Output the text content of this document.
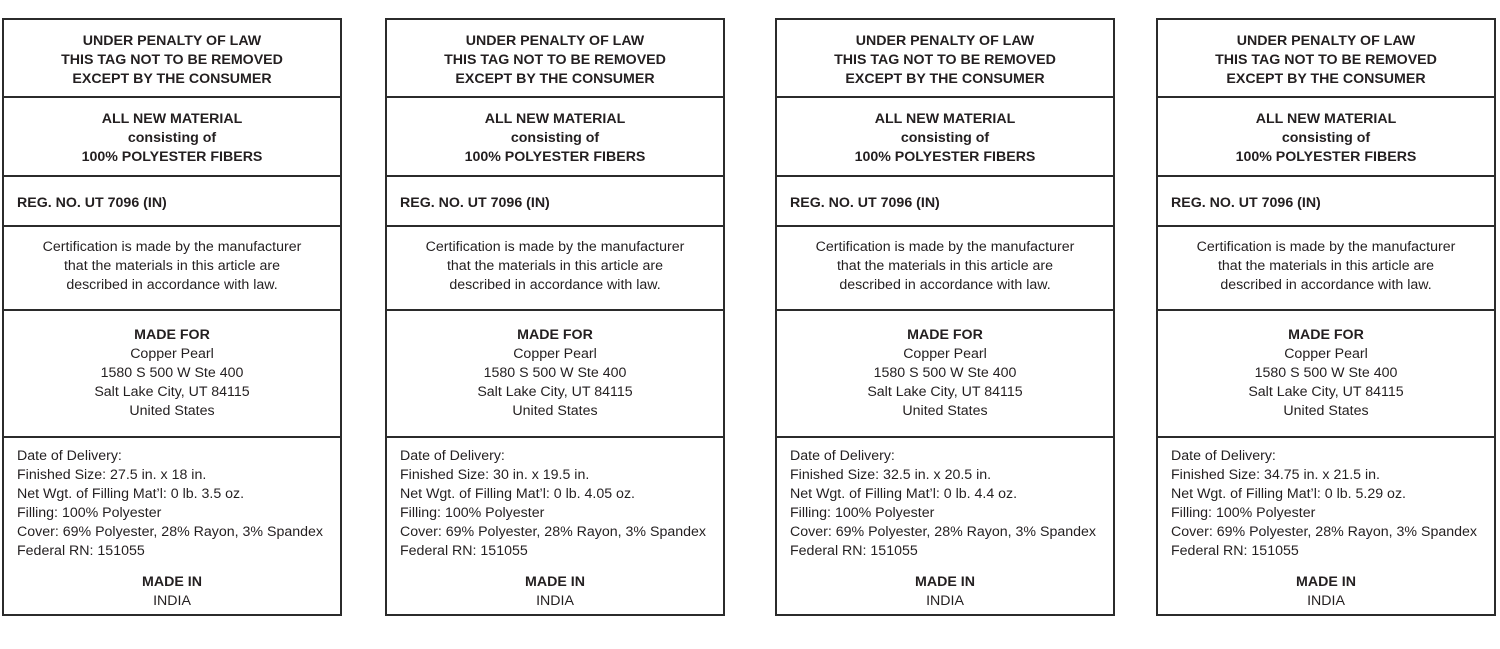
UNDER PENALTY OF LAW
THIS TAG NOT TO BE REMOVED
EXCEPT BY THE CONSUMER
ALL NEW MATERIAL
consisting of
100% POLYESTER FIBERS
REG. NO. UT 7096 (IN)
Certification is made by the manufacturer
that the materials in this article are
described in accordance with law.
MADE FOR
Copper Pearl
1580 S 500 W Ste 400
Salt Lake City, UT 84115
United States
Date of Delivery:
Finished Size: 27.5 in. x 18 in.
Net Wgt. of Filling Mat’l: 0 lb. 3.5 oz.
Filling: 100% Polyester
Cover: 69% Polyester, 28% Rayon, 3% Spandex
Federal RN: 151055
MADE IN
INDIA
UNDER PENALTY OF LAW
THIS TAG NOT TO BE REMOVED
EXCEPT BY THE CONSUMER
ALL NEW MATERIAL
consisting of
100% POLYESTER FIBERS
REG. NO. UT 7096 (IN)
Certification is made by the manufacturer
that the materials in this article are
described in accordance with law.
MADE FOR
Copper Pearl
1580 S 500 W Ste 400
Salt Lake City, UT 84115
United States
Date of Delivery:
Finished Size: 30 in. x 19.5 in.
Net Wgt. of Filling Mat’l: 0 lb. 4.05 oz.
Filling: 100% Polyester
Cover: 69% Polyester, 28% Rayon, 3% Spandex
Federal RN: 151055
MADE IN
INDIA
UNDER PENALTY OF LAW
THIS TAG NOT TO BE REMOVED
EXCEPT BY THE CONSUMER
ALL NEW MATERIAL
consisting of
100% POLYESTER FIBERS
REG. NO. UT 7096 (IN)
Certification is made by the manufacturer
that the materials in this article are
described in accordance with law.
MADE FOR
Copper Pearl
1580 S 500 W Ste 400
Salt Lake City, UT 84115
United States
Date of Delivery:
Finished Size: 32.5 in. x 20.5 in.
Net Wgt. of Filling Mat’l: 0 lb. 4.4 oz.
Filling: 100% Polyester
Cover: 69% Polyester, 28% Rayon, 3% Spandex
Federal RN: 151055
MADE IN
INDIA
UNDER PENALTY OF LAW
THIS TAG NOT TO BE REMOVED
EXCEPT BY THE CONSUMER
ALL NEW MATERIAL
consisting of
100% POLYESTER FIBERS
REG. NO. UT 7096 (IN)
Certification is made by the manufacturer
that the materials in this article are
described in accordance with law.
MADE FOR
Copper Pearl
1580 S 500 W Ste 400
Salt Lake City, UT 84115
United States
Date of Delivery:
Finished Size: 34.75 in. x 21.5 in.
Net Wgt. of Filling Mat’l: 0 lb. 5.29 oz.
Filling: 100% Polyester
Cover: 69% Polyester, 28% Rayon, 3% Spandex
Federal RN: 151055
MADE IN
INDIA
